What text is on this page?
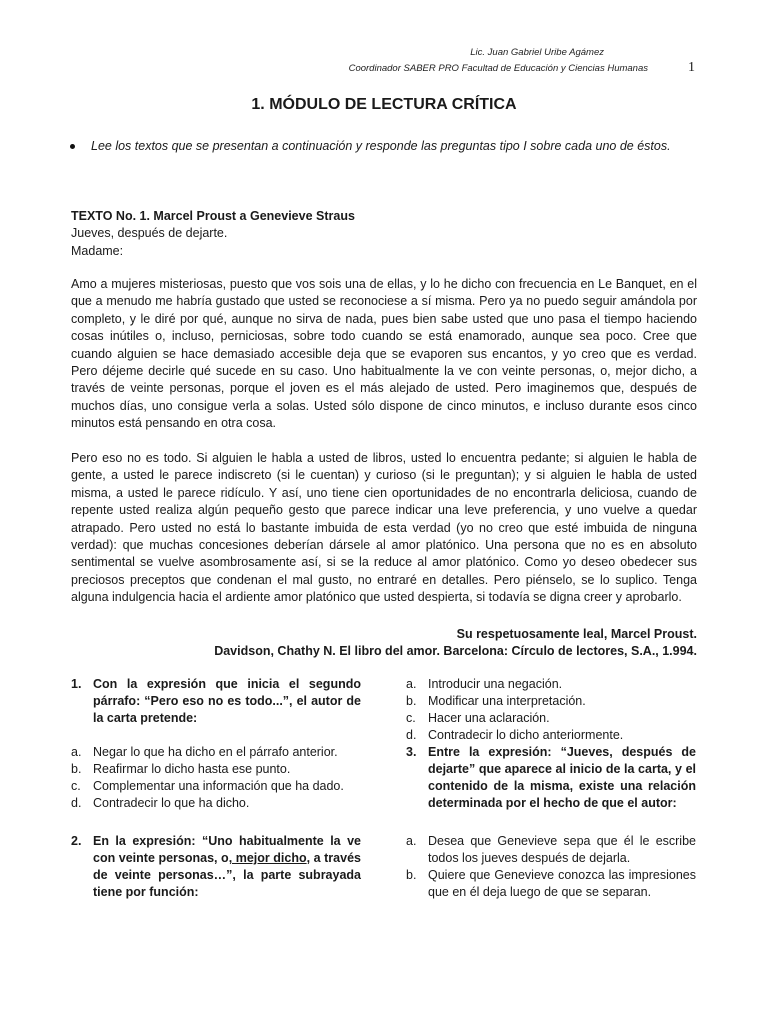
Lic. Juan Gabriel Uribe Agámez
Coordinador SABER PRO Facultad de Educación y Ciencias Humanas	1
1. MÓDULO DE LECTURA CRÍTICA
Lee los textos que se presentan a continuación y responde las preguntas tipo I sobre cada uno de éstos.
TEXTO No. 1. Marcel Proust a Genevieve Straus
Jueves, después de dejarte.
Madame:
Amo a mujeres misteriosas, puesto que vos sois una de ellas, y lo he dicho con frecuencia en Le Banquet, en el que a menudo me habría gustado que usted se reconociese a sí misma. Pero ya no puedo seguir amándola por completo, y le diré por qué, aunque no sirva de nada, pues bien sabe usted que uno pasa el tiempo haciendo cosas inútiles o, incluso, perniciosas, sobre todo cuando se está enamorado, aunque sea poco. Cree que cuando alguien se hace demasiado accesible deja que se evaporen sus encantos, y yo creo que es verdad. Pero déjeme decirle qué sucede en su caso. Uno habitualmente la ve con veinte personas, o, mejor dicho, a través de veinte personas, porque el joven es el más alejado de usted. Pero imaginemos que, después de muchos días, uno consigue verla a solas. Usted sólo dispone de cinco minutos, e incluso durante esos cinco minutos está pensando en otra cosa.
Pero eso no es todo. Si alguien le habla a usted de libros, usted lo encuentra pedante; si alguien le habla de gente, a usted le parece indiscreto (si le cuentan) y curioso (si le preguntan); y si alguien le habla de usted misma, a usted le parece ridículo. Y así, uno tiene cien oportunidades de no encontrarla deliciosa, cuando de repente usted realiza algún pequeño gesto que parece indicar una leve preferencia, y uno vuelve a quedar atrapado. Pero usted no está lo bastante imbuida de esta verdad (yo no creo que esté imbuida de ninguna verdad): que muchas concesiones deberían dársele al amor platónico. Una persona que no es en absoluto sentimental se vuelve asombrosamente así, si se la reduce al amor platónico. Como yo deseo obedecer sus preciosos preceptos que condenan el mal gusto, no entraré en detalles. Pero piénselo, se lo suplico. Tenga alguna indulgencia hacia el ardiente amor platónico que usted despierta, si todavía se digna creer y aprobarlo.
Su respetuosamente leal, Marcel Proust.
Davidson, Chathy N. El libro del amor. Barcelona: Círculo de lectores, S.A., 1.994.
1. Con la expresión que inicia el segundo párrafo: “Pero eso no es todo...”, el autor de la carta pretende:
a. Negar lo que ha dicho en el párrafo anterior.
b. Reafirmar lo dicho hasta ese punto.
c. Complementar una información que ha dado.
d. Contradecir lo que ha dicho.
2. En la expresión: “Uno habitualmente la ve con veinte personas, o, mejor dicho, a través de veinte personas…”, la parte subrayada tiene por función:
a. Introducir una negación.
b. Modificar una interpretación.
c. Hacer una aclaración.
d. Contradecir lo dicho anteriormente.
3. Entre la expresión: “Jueves, después de dejarte” que aparece al inicio de la carta, y el contenido de la misma, existe una relación determinada por el hecho de que el autor:
a. Desea que Genevieve sepa que él le escribe todos los jueves después de dejarla.
b. Quiere que Genevieve conozca las impresiones que en él deja luego de que se separan.
